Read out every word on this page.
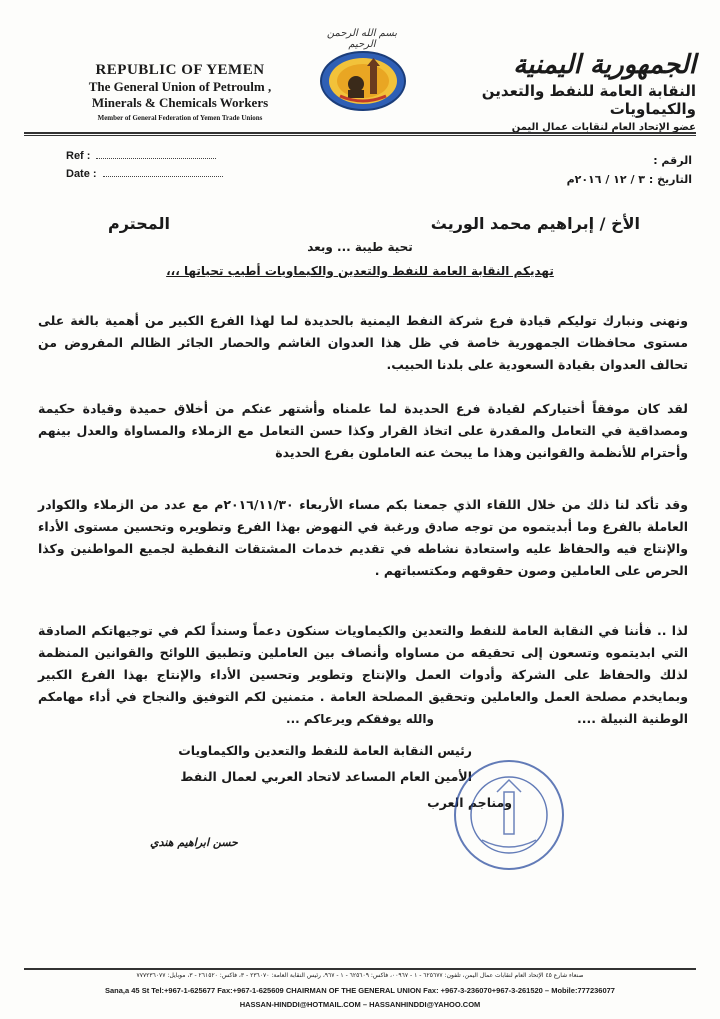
REPUBLIC OF YEMEN
The General Union of Petroulm ,
Minerals & Chemicals Workers
Member of General Federation of Yemen Trade Unions
بسم الله الرحمن الرحيم
الجمهورية اليمنية
النقابة العامة للنفط والتعدين والكيماويات
عضو الإتحاد العام لنقابات عمال اليمن
Ref :
Date :
الرقم :
التاريخ : ٣ / ١٢ / ٢٠١٦م
الأخ / إبراهيم محمد الوريث
المحترم
تحية طيبة ... وبعد
تهديكم النقابة العامة للنفط والتعدين والكيماويات أطيب تحياتها ،،،
ونهنى ونبارك توليكم قيادة فرع شركة النفط اليمنية بالحديدة لما لهذا الفرع الكبير من أهمية بالغة على مستوى محافظات الجمهورية خاصة في ظل هذا العدوان الغاشم والحصار الجائر الظالم المفروض من تحالف العدوان بقيادة السعودية على بلدنا الحبيب.
لقد كان موفقاً أختياركم لقيادة فرع الحديدة لما علمناه وأشتهر عنكم من أخلاق حميدة وقيادة حكيمة ومصداقية في التعامل والمقدرة على اتخاذ القرار وكذا حسن التعامل مع الزملاء والمساواة والعدل بينهم وأحترام للأنظمة والقوانين وهذا ما يبحث عنه العاملون بفرع الحديدة
وقد تأكد لنا ذلك من خلال اللقاء الذي جمعنا بكم مساء الأربعاء ٢٠١٦/١١/٣٠م مع عدد من الزملاء والكوادر العاملة بالفرع وما أبديتموه من توجه صادق ورغبة في النهوض بهذا الفرع وتطويره وتحسين مستوى الأداء والإنتاج فيه والحفاظ عليه واستعادة نشاطه في تقديم خدمات المشتقات النفطية لجميع المواطنين وكذا الحرص على العاملين وصون حقوقهم ومكتسباتهم .
لذا .. فأننا في النقابة العامة للنفط والتعدين والكيماويات سنكون دعماً وسنداً لكم في توجيهاتكم الصادقة التي ابديتموه وتسعون إلى تحقيقه من مساواه وأنصاف بين العاملين وتطبيق اللوائح والقوانين المنظمة لذلك والحفاظ على الشركة وأدوات العمل والإنتاج وتطوير وتحسين الأداء والإنتاج بهذا الفرع الكبير وبمايخدم مصلحة العمل والعاملين وتحقيق المصلحة العامة . متمنين لكم التوفيق والنجاح في أداء مهامكم الوطنية النبيلة ....
والله يوفقكم ويرعاكم ...
رئيس النقابة العامة للنفط والتعدين والكيماويات
الأمين العام المساعد لاتحاد العربي لعمال النفط
ومناجم العرب
حسن ابراهيم هندي
صنعاء شارع ٤٥ الإتحاد العام لنقابات عمال اليمن، تلفون: ٦٢٥٦٧٧ - ١ - ٠٠٩٦٧، فاكس: ٦٢٥٦٠٩ - ١ - ٩٦٧، رئيس النقابة العامة: ٢٣٦٠٧٠ - ٣، فاكس: ٢٦١٥٢٠ - ٣، موبايل: ٧٧٧٢٣٦٠٧٧
Sana,a 45 St Tel:+967-1-625677 Fax:+967-1-625609 CHAIRMAN OF THE GENERAL UNION Fax: +967-3-236070+967-3-261520 – Mobile:777236077
HASSAN-HINDDI@HOTMAIL.COM – HASSANHINDDI@YAHOO.COM
